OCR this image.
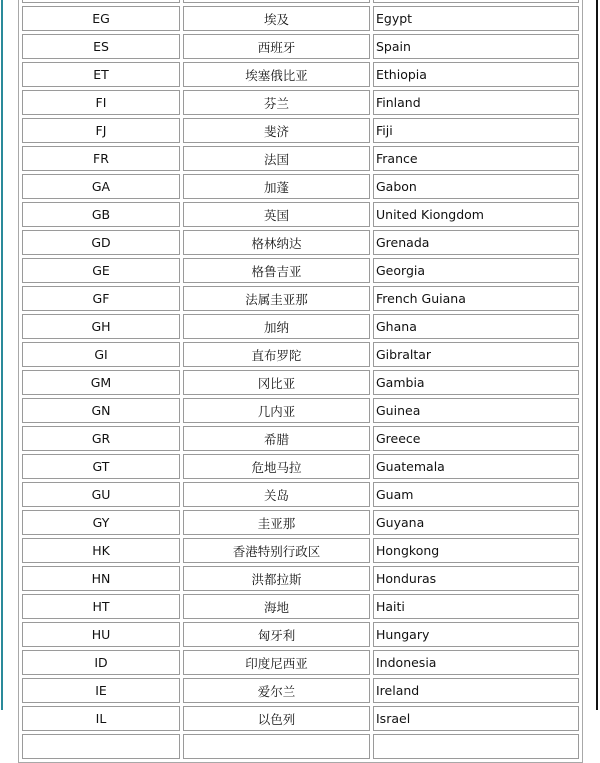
EG	埃及	Egypt
ES	西班牙	Spain
ET	埃塞俄比亚	Ethiopia
FI	芬兰	Finland
FJ	斐济	Fiji
FR	法国	France
GA	加蓬	Gabon
GB	英国	United Kiongdom
GD	格林纳达	Grenada
GE	格鲁吉亚	Georgia
GF	法属圭亚那	French Guiana
GH	加纳	Ghana
GI	直布罗陀	Gibraltar
GM	冈比亚	Gambia
GN	几内亚	Guinea
GR	希腊	Greece
GT	危地马拉	Guatemala
GU	关岛	Guam
GY	圭亚那	Guyana
HK	香港特别行政区	Hongkong
HN	洪都拉斯	Honduras
HT	海地	Haiti
HU	匈牙利	Hungary
ID	印度尼西亚	Indonesia
IE	爱尔兰	Ireland
IL	以色列	Israel
